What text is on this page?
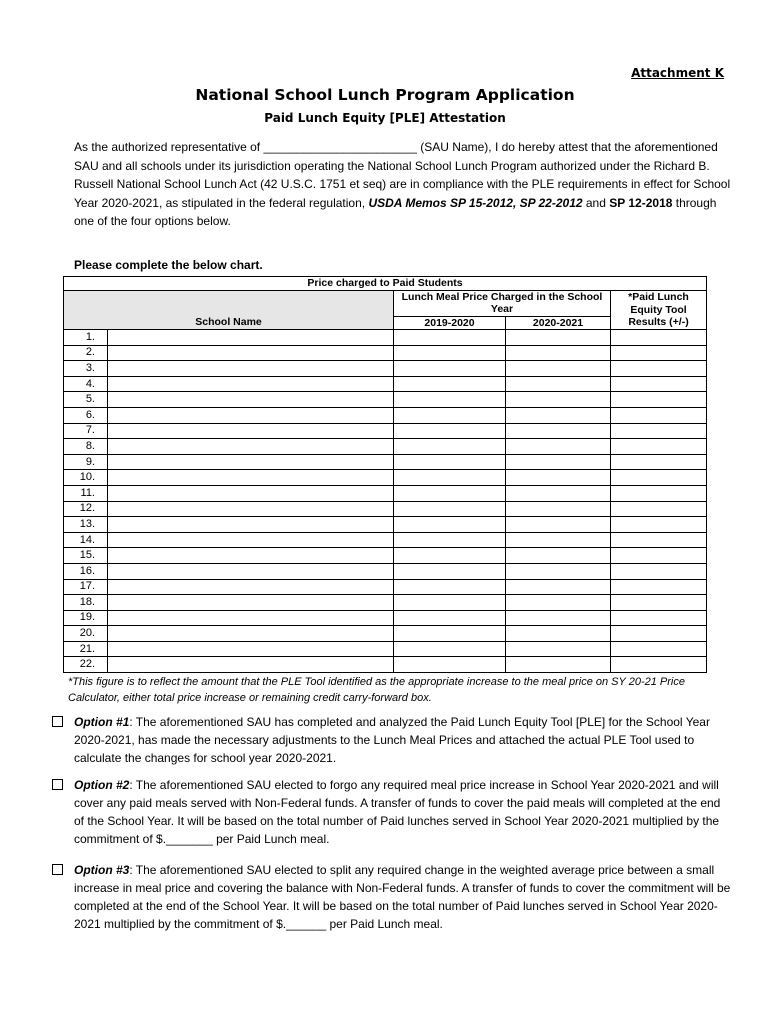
Attachment K
National School Lunch Program Application
Paid Lunch Equity [PLE] Attestation
As the authorized representative of _______________________ (SAU Name), I do hereby attest that the aforementioned SAU and all schools under its jurisdiction operating the National School Lunch Program authorized under the Richard B. Russell National School Lunch Act (42 U.S.C. 1751 et seq) are in compliance with the PLE requirements in effect for School Year 2020-2021, as stipulated in the federal regulation, USDA Memos SP 15-2012, SP 22-2012 and SP 12-2018 through one of the four options below.
Please complete the below chart.
Price charged to Paid Students				
School Name		Lunch Meal Price Charged in the School Year		*Paid Lunch Equity Tool Results (+/-)
		2019-2020	2020-2021	
1.				
2.				
3.				
4.				
5.				
6.				
7.				
8.				
9.				
10.				
11.				
12.				
13.				
14.				
15.				
16.				
17.				
18.				
19.				
20.				
21.				
22.				
*This figure is to reflect the amount that the PLE Tool identified as the appropriate increase to the meal price on SY 20-21 Price Calculator, either total price increase or remaining credit carry-forward box.
Option #1: The aforementioned SAU has completed and analyzed the Paid Lunch Equity Tool [PLE] for the School Year 2020-2021, has made the necessary adjustments to the Lunch Meal Prices and attached the actual PLE Tool used to calculate the changes for school year 2020-2021.
Option #2: The aforementioned SAU elected to forgo any required meal price increase in School Year 2020-2021 and will cover any paid meals served with Non-Federal funds. A transfer of funds to cover the paid meals will completed at the end of the School Year. It will be based on the total number of Paid lunches served in School Year 2020-2021 multiplied by the commitment of $._______ per Paid Lunch meal.
Option #3: The aforementioned SAU elected to split any required change in the weighted average price between a small increase in meal price and covering the balance with Non-Federal funds. A transfer of funds to cover the commitment will be completed at the end of the School Year. It will be based on the total number of Paid lunches served in School Year 2020-2021 multiplied by the commitment of $.______ per Paid Lunch meal.
